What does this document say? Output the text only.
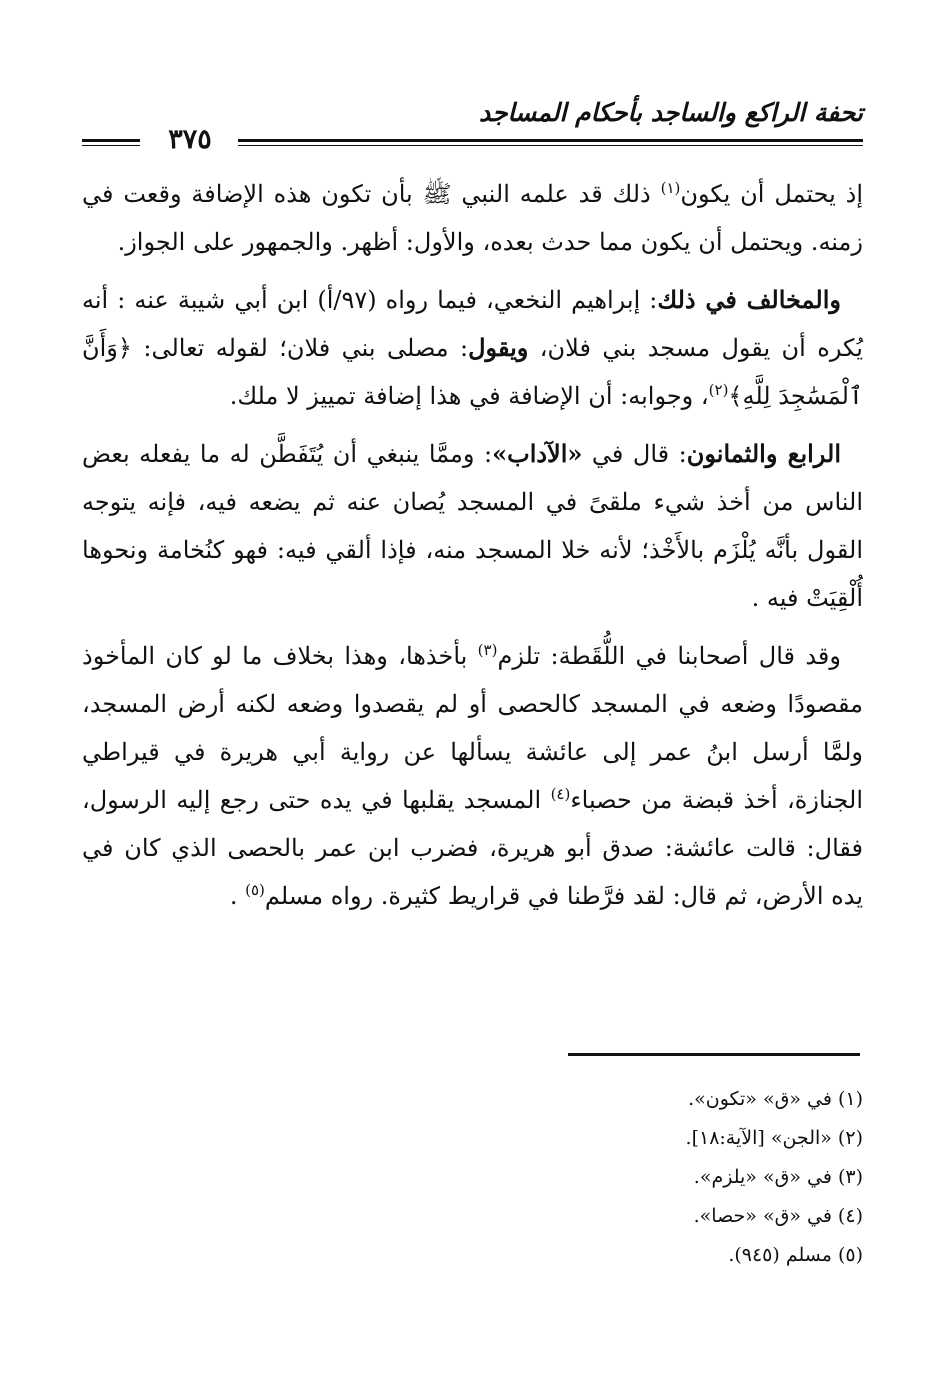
تحفة الراكع والساجد بأحكام المساجد
٣٧٥

إذ يحتمل أن يكون$^{(١)}$ ذلك قد علمه النبي ﷺ بأن تكون هذه الإضافة وقعت في زمنه. ويحتمل أن يكون مما حدث بعده، والأول: أظهر. والجمهور على الجواز.

والمخالف في ذلك: إبراهيم النخعي، فيما رواه (٩٧/أ) ابن أبي شيبة عنه : أنه يُكره أن يقول مسجد بني فلان، ويقول: مصلى بني فلان؛ لقوله تعالى: ﴿وَأَنَّ ٱلْمَسَٰجِدَ لِلَّهِ﴾$^{(٢)}$، وجوابه: أن الإضافة في هذا إضافة تمييز لا ملك.

الرابع والثمانون: قال في «الآداب»: وممَّا ينبغي أن يُتَفَطَّن له ما يفعله بعض الناس من أخذ شيء ملقىً في المسجد يُصان عنه ثم يضعه فيه، فإنه يتوجه القول بأنَّه يُلْزَم بالأَخْذ؛ لأنه خلا المسجد منه، فإذا ألقي فيه: فهو كنُخامة ونحوها أُلْقِيَتْ فيه .

وقد قال أصحابنا في اللُّقَطة: تلزم$^{(٣)}$ بأخذها، وهذا بخلاف ما لو كان المأخوذ مقصودًا وضعه في المسجد كالحصى أو لم يقصدوا وضعه لكنه أرض المسجد، ولمَّا أرسل ابنُ عمر إلى عائشة يسألها عن رواية أبي هريرة في قيراطي الجنازة، أخذ قبضة من حصباء$^{(٤)}$ المسجد يقلبها في يده حتى رجع إليه الرسول، فقال: قالت عائشة: صدق أبو هريرة، فضرب ابن عمر بالحصى الذي كان في يده الأرض، ثم قال: لقد فرَّطنا في قراريط كثيرة. رواه مسلم$^{(٥)}$ .

(١) في «ق» «تكون».
(٢) «الجن» [الآية:١٨].
(٣) في «ق» «يلزم».
(٤) في «ق» «حصا».
(٥) مسلم (٩٤٥).
